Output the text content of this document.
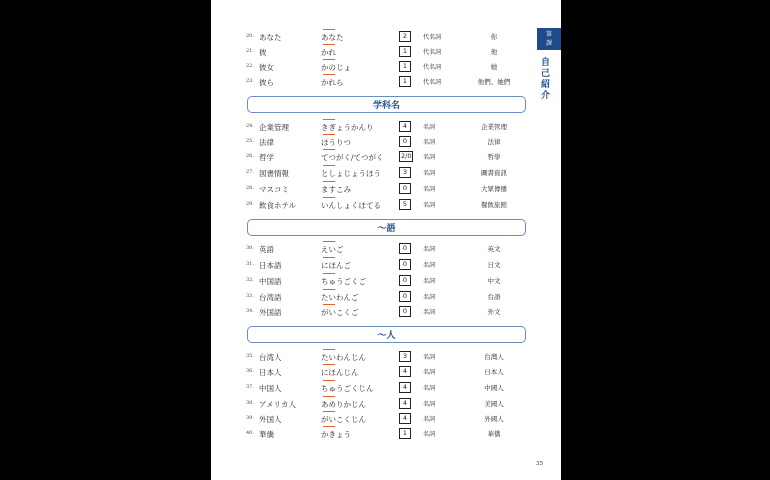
第
課
自己紹介
35
20. あなた	あなた	2	代名詞	你
21. 彼	かれ	1	代名詞	他
22. 彼女	かのじょ	1	代名詞	她
23. 彼ら	かれら	1	代名詞	他們、她們
学科名
24. 企業管理	きぎょうかんり	4	名詞	企業管理
25. 法律	ほうりつ	0	名詞	法律
26. 哲学	てつがく/てつがく	2/0	名詞	哲學
27. 図書情報	としょじょうほう	3	名詞	圖書資訊
28. マスコミ	ますこみ	0	名詞	大眾傳播
29. 飲食ホテル	いんしょくほてる	5	名詞	餐飲旅館
～語
30. 英語	えいご	0	名詞	英文
31. 日本語	にほんご	0	名詞	日文
32. 中国語	ちゅうごくご	0	名詞	中文
33. 台湾語	たいわんご	0	名詞	台語
34. 外国語	がいこくご	0	名詞	外文
～人
35. 台湾人	たいわんじん	3	名詞	台灣人
36. 日本人	にほんじん	4	名詞	日本人
37. 中国人	ちゅうごくじん	4	名詞	中國人
38. アメリカ人	あめりかじん	4	名詞	美國人
39. 外国人	がいこくじん	4	名詞	外國人
40. 華僑	かきょう	1	名詞	華僑
